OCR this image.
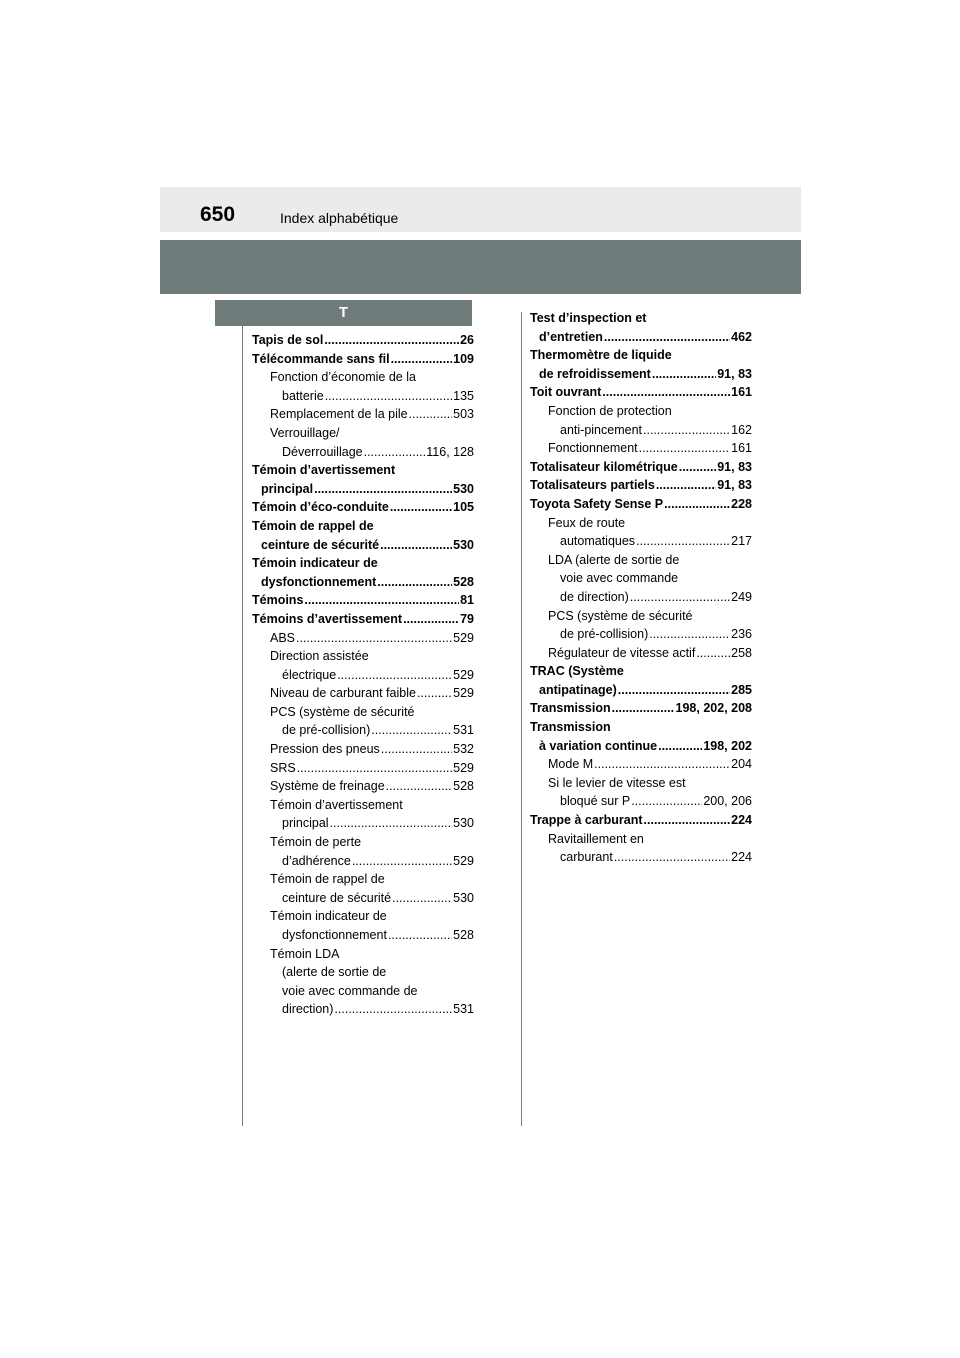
650	Index alphabétique
T
Tapis de sol .....	26
Télécommande sans fil .....	109
Fonction d’économie de la
batterie .....	135
Remplacement de la pile .....	503
Verrouillage/
Déverrouillage .....	116, 128
Témoin d’avertissement
principal .....	530
Témoin d’éco-conduite .....	105
Témoin de rappel de
ceinture de sécurité .....	530
Témoin indicateur de
dysfonctionnement .....	528
Témoins .....	81
Témoins d’avertissement .....	79
ABS .....	529
Direction assistée
électrique .....	529
Niveau de carburant faible .....	529
PCS (système de sécurité
de pré-collision) .....	531
Pression des pneus .....	532
SRS .....	529
Système de freinage .....	528
Témoin d’avertissement
principal .....	530
Témoin de perte
d’adhérence .....	529
Témoin de rappel de
ceinture de sécurité .....	530
Témoin indicateur de
dysfonctionnement .....	528
Témoin LDA
(alerte de sortie de
voie avec commande de
direction) .....	531
Test d’inspection et
d’entretien .....	462
Thermomètre de liquide
de refroidissement .....	91, 83
Toit ouvrant .....	161
Fonction de protection
anti-pincement .....	162
Fonctionnement .....	161
Totalisateur kilométrique .....	91, 83
Totalisateurs partiels .....	91, 83
Toyota Safety Sense P .....	228
Feux de route
automatiques .....	217
LDA (alerte de sortie de
voie avec commande
de direction) .....	249
PCS (système de sécurité
de pré-collision) .....	236
Régulateur de vitesse actif .....	258
TRAC (Système
antipatinage) .....	285
Transmission .....	198, 202, 208
Transmission
à variation continue .....	198, 202
Mode M .....	204
Si le levier de vitesse est
bloqué sur P .....	200, 206
Trappe à carburant .....	224
Ravitaillement en
carburant .....	224
